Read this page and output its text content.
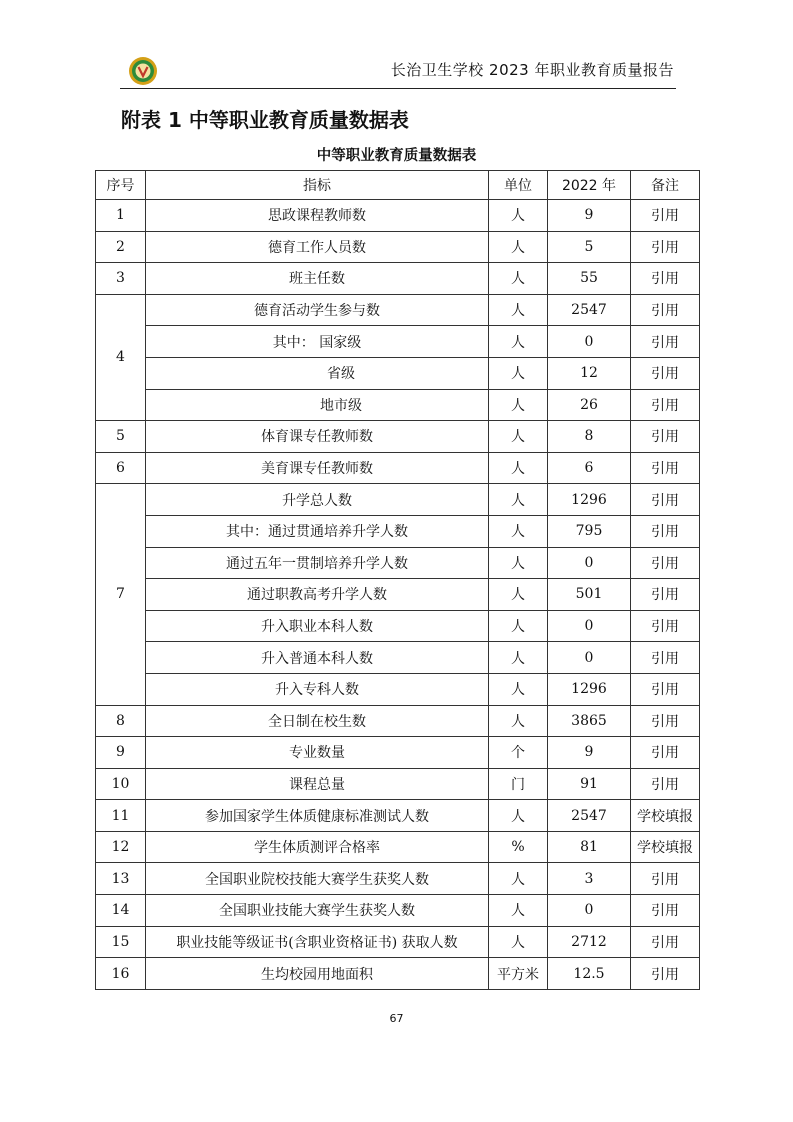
长治卫生学校 2023 年职业教育质量报告
附表 1 中等职业教育质量数据表
中等职业教育质量数据表
序号	指标	单位	2022 年	备注
1	思政课程教师数	人	9	引用
2	德育工作人员数	人	5	引用
3	班主任数	人	55	引用
4	德育活动学生参与数	人	2547	引用
	其中： 国家级	人	0	引用
	省级	人	12	引用
	地市级	人	26	引用
5	体育课专任教师数	人	8	引用
6	美育课专任教师数	人	6	引用
7	升学总人数	人	1296	引用
	其中：通过贯通培养升学人数	人	795	引用
	通过五年一贯制培养升学人数	人	0	引用
	通过职教高考升学人数	人	501	引用
	升入职业本科人数	人	0	引用
	升入普通本科人数	人	0	引用
	升入专科人数	人	1296	引用
8	全日制在校生数	人	3865	引用
9	专业数量	个	9	引用
10	课程总量	门	91	引用
11	参加国家学生体质健康标准测试人数	人	2547	学校填报
12	学生体质测评合格率	%	81	学校填报
13	全国职业院校技能大赛学生获奖人数	人	3	引用
14	全国职业技能大赛学生获奖人数	人	0	引用
15	职业技能等级证书(含职业资格证书) 获取人数	人	2712	引用
16	生均校园用地面积	平方米	12.5	引用
67
